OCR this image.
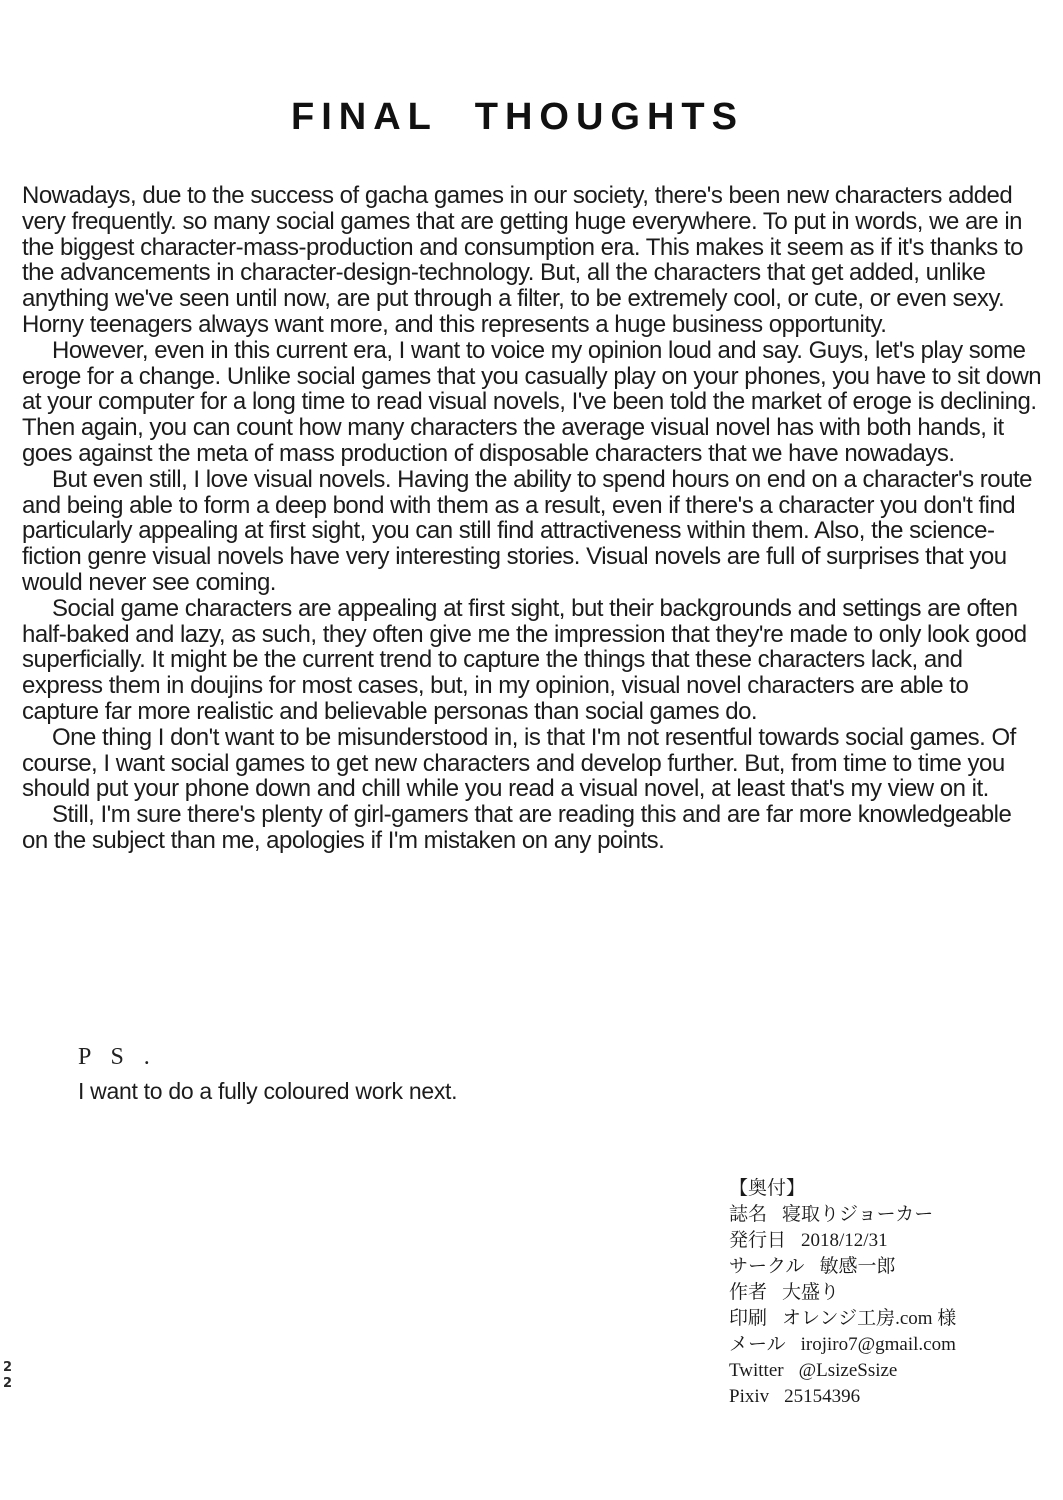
FINAL THOUGHTS

Nowadays, due to the success of gacha games in our society, there's been new characters added very frequently. so many social games that are getting huge everywhere. To put in words, we are in the biggest character-mass-production and consumption era. This makes it seem as if it's thanks to the advancements in character-design-technology. But, all the characters that get added, unlike anything we've seen until now, are put through a filter, to be extremely cool, or cute, or even sexy. Horny teenagers always want more, and this represents a huge business opportunity.

However, even in this current era, I want to voice my opinion loud and say. Guys, let's play some eroge for a change. Unlike social games that you casually play on your phones, you have to sit down at your computer for a long time to read visual novels, I've been told the market of eroge is declining. Then again, you can count how many characters the average visual novel has with both hands, it goes against the meta of mass production of disposable characters that we have nowadays.

But even still, I love visual novels. Having the ability to spend hours on end on a character's route and being able to form a deep bond with them as a result, even if there's a character you don't find particularly appealing at first sight, you can still find attractiveness within them. Also, the science-fiction genre visual novels have very interesting stories. Visual novels are full of surprises that you would never see coming.

Social game characters are appealing at first sight, but their backgrounds and settings are often half-baked and lazy, as such, they often give me the impression that they're made to only look good superficially. It might be the current trend to capture the things that these characters lack, and express them in doujins for most cases, but, in my opinion, visual novel characters are able to capture far more realistic and believable personas than social games do.

One thing I don't want to be misunderstood in, is that I'm not resentful towards social games. Of course, I want social games to get new characters and develop further. But, from time to time you should put your phone down and chill while you read a visual novel, at least that's my view on it.

Still, I'm sure there's plenty of girl-gamers that are reading this and are far more knowledgeable on the subject than me, apologies if I'm mistaken on any points.

P S .
I want to do a fully coloured work next.
【奥付】
誌名 寝取りジョーカー
発行日 2018/12/31
サークル 敏感一郎
作者 大盛り
印刷 オレンジ工房.com 様
メール irojiro7@gmail.com
Twitter @LsizeSsize
Pixiv 25154396
22
